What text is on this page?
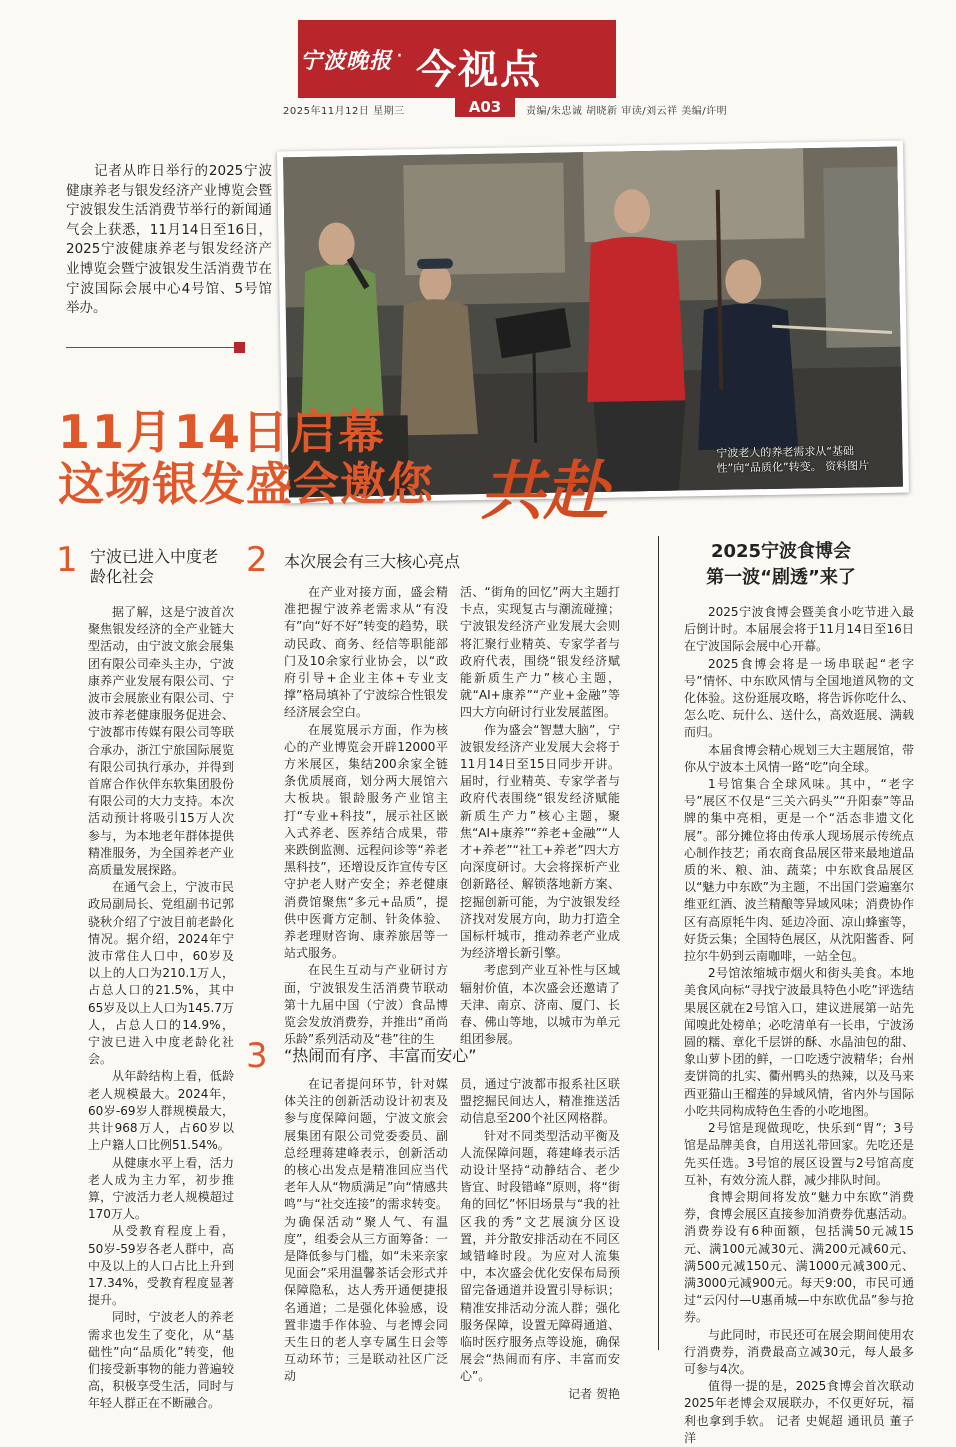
宁波晚报 · 今视点
2025年11月12日 星期三	A03	责编/朱忠诚 胡晓新 审读/刘云祥 美编/许明
记者从昨日举行的2025宁波健康养老与银发经济产业博览会暨宁波银发生活消费节举行的新闻通气会上获悉，11月14日至16日，2025宁波健康养老与银发经济产业博览会暨宁波银发生活消费节在宁波国际会展中心4号馆、5号馆举办。
宁波老人的养老需求从“基础性”向“品质化”转变。 资料图片
11月14日启幕
这场银发盛会邀您 共赴
1 宁波已进入中度老龄化社会

据了解，这是宁波首次聚焦银发经济的全产业链大型活动，由宁波文旅会展集团有限公司牵头主办，宁波康养产业发展有限公司、宁波市会展旅业有限公司、宁波市养老健康服务促进会、宁波都市传媒有限公司等联合承办，浙江宁旅国际展览有限公司执行承办，并得到首席合作伙伴东软集团股份有限公司的大力支持。本次活动预计将吸引15万人次参与，为本地老年群体提供精准服务，为全国养老产业高质量发展探路。

在通气会上，宁波市民政局副局长、党组副书记郭骁秋介绍了宁波目前老龄化情况。据介绍，2024年宁波市常住人口中，60岁及以上的人口为210.1万人，占总人口的21.5%，其中65岁及以上人口为145.7万人，占总人口的14.9%，宁波已进入中度老龄化社会。

从年龄结构上看，低龄老人规模最大。2024年，60岁-69岁人群规模最大，共计968万人，占60岁以上户籍人口比例51.54%。

从健康水平上看，活力老人成为主力军，初步推算，宁波活力老人规模超过170万人。

从受教育程度上看，50岁-59岁各老人群中，高中及以上的人口占比上升到17.34%，受教育程度显著提升。

同时，宁波老人的养老需求也发生了变化，从“基础性”向“品质化”转变，他们接受新事物的能力普遍较高，积极享受生活，同时与年轻人群正在不断融合。

2 本次展会有三大核心亮点

在产业对接方面，盛会精准把握宁波养老需求从“有没有”向“好不好”转变的趋势，联动民政、商务、经信等职能部门及10余家行业协会，以“政府引导+企业主体+专业支撑”格局填补了宁波综合性银发经济展会空白。

在展览展示方面，作为核心的产业博览会开辟12000平方米展区，集结200余家全链条优质展商，划分两大展馆六大板块。银龄服务产业馆主打“专业+科技”，展示社区嵌入式养老、医养结合成果，带来跌倒监测、远程问诊等“养老黑科技”，还增设反诈宣传专区守护老人财产安全；养老健康消费馆聚焦“多元+品质”，提供中医膏方定制、针灸体验、养老理财咨询、康养旅居等一站式服务。

在民生互动与产业研讨方面，宁波银发生活消费节联动第十九届中国（宁波）食品博览会发放消费券，并推出“甬尚乐龄”系列活动及“巷”往的生

活、“街角的回忆”两大主题打卡点，实现复古与潮流碰撞；宁波银发经济产业发展大会则将汇聚行业精英、专家学者与政府代表，围绕“银发经济赋能新质生产力”核心主题，就“AI+康养”“产业+金融”等四大方向研讨行业发展蓝图。

作为盛会“智慧大脑”，宁波银发经济产业发展大会将于11月14日至15日同步开讲。届时，行业精英、专家学者与政府代表围绕“银发经济赋能新质生产力”核心主题，聚焦“AI+康养”“养老+金融”“人才+养老”“社工+养老”四大方向深度研讨。大会将探析产业创新路径、解锁落地新方案、挖掘创新可能，为宁波银发经济找对发展方向，助力打造全国标杆城市，推动养老产业成为经济增长新引擎。

考虑到产业互补性与区域辐射价值，本次盛会还邀请了天津、南京、济南、厦门、长春、佛山等地，以城市为单元组团参展。

3 “热闹而有序、丰富而安心”

在记者提问环节，针对媒体关注的创新活动设计初衷及参与度保障问题，宁波文旅会展集团有限公司党委委员、副总经理蒋建峰表示，创新活动的核心出发点是精准回应当代老年人从“物质满足”向“情感共鸣”与“社交连接”的需求转变。为确保活动“聚人气、有温度”，组委会从三方面筹备：一是降低参与门槛，如“未来亲家见面会”采用温馨茶话会形式并保障隐私，达人秀开通便捷报名通道；二是强化体验感，设置非遗手作体验、与老博会同天生日的老人享专属生日会等互动环节；三是联动社区广泛动

员，通过宁波都市报系社区联盟挖掘民间达人，精准推送活动信息至200个社区网格群。

针对不同类型活动平衡及人流保障问题，蒋建峰表示活动设计坚持“动静结合、老少皆宜、时段错峰”原则，将“街角的回忆”怀旧场景与“我的社区我的秀”文艺展演分区设置，并分散安排活动在不同区域错峰时段。为应对人流集中，本次盛会优化安保布局预留完备通道并设置引导标识；精准安排活动分流人群；强化服务保障，设置无障碍通道、临时医疗服务点等设施，确保展会“热闹而有序、丰富而安心”。

记者 贺艳

2025宁波食博会
第一波“剧透”来了

2025宁波食博会暨美食小吃节进入最后倒计时。本届展会将于11月14日至16日在宁波国际会展中心开幕。

2025食博会将是一场串联起“老字号”情怀、中东欧风情与全国地道风物的文化体验。这份逛展攻略，将告诉你吃什么、怎么吃、玩什么、送什么，高效逛展、满载而归。

本届食博会精心规划三大主题展馆，带你从宁波本土风情一路“吃”向全球。

1号馆集合全球风味。其中，“老字号”展区不仅是“三关六码头”“升阳泰”等品牌的集中亮相，更是一个“活态非遗文化展”。部分摊位将由传承人现场展示传统点心制作技艺；甬农商食品展区带来最地道品质的米、粮、油、蔬菜；中东欧食品展区以“魅力中东欧”为主题，不出国门尝遍塞尔维亚红酒、波兰精酿等异域风味；消费协作区有高原牦牛肉、延边冷面、凉山蜂蜜等，好货云集；全国特色展区，从沈阳酱香、阿拉尔牛奶到云南咖啡，一站全包。

2号馆浓缩城市烟火和街头美食。本地美食风向标“寻找宁波最具特色小吃”评选结果展区就在2号馆入口，建议进展第一站先闻嗅此处榜单；必吃清单有一长串，宁波汤圆的糯、章化千层饼的酥、水晶油包的甜、象山萝卜团的鲜，一口吃透宁波精华；台州麦饼筒的扎实、衢州鸭头的热辣，以及马来西亚猫山王榴莲的异域风情，省内外与国际小吃共同构成特色生香的小吃地图。

2号馆是现做现吃，快乐到“胃”；3号馆是品牌美食，自用送礼带回家。先吃还是先买任选。3号馆的展区设置与2号馆高度互补，有效分流人群，减少排队时间。

食博会期间将发放“魅力中东欧”消费券，食博会展区直接参加消费券优惠活动。消费券设有6种面额，包括满50元减15元、满100元减30元、满200元减60元、满500元减150元、满1000元减300元、满3000元减900元。每天9:00，市民可通过“云闪付—U惠甬城—中东欧优品”参与抢券。

与此同时，市民还可在展会期间使用农行消费券，消费最高立减30元，每人最多可参与4次。

值得一提的是，2025食博会首次联动2025年老博会双展联办，不仅更好玩，福利也拿到手软。 记者 史娓超 通讯员 董子洋
